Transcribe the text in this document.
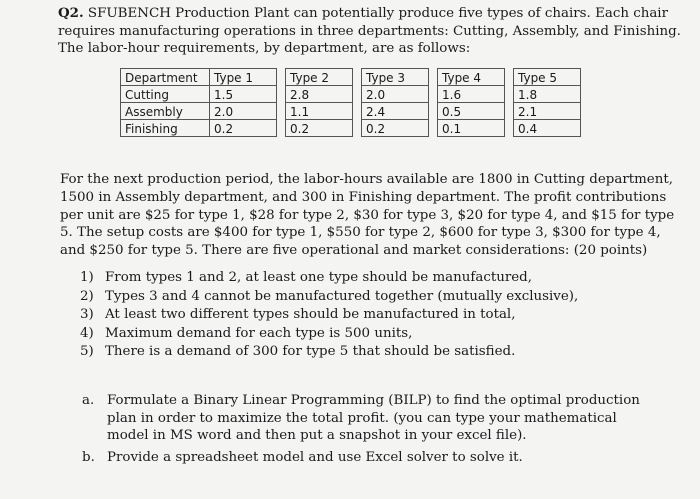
Q2. SFUBENCH Production Plant can potentially produce five types of chairs. Each chair requires manufacturing operations in three departments: Cutting, Assembly, and Finishing. The labor-hour requirements, by department, are as follows:
Department	Type 1		Type 2		Type 3		Type 4		Type 5
Cutting	1.5		2.8		2.0		1.6		1.8
Assembly	2.0		1.1		2.4		0.5		2.1
Finishing	0.2		0.2		0.2		0.1		0.4
For the next production period, the labor-hours available are 1800 in Cutting department, 1500 in Assembly department, and 300 in Finishing department. The profit contributions per unit are $25 for type 1, $28 for type 2, $30 for type 3, $20 for type 4, and $15 for type 5. The setup costs are $400 for type 1, $550 for type 2, $600 for type 3, $300 for type 4, and $250 for type 5. There are five operational and market considerations: (20 points)
1) From types 1 and 2, at least one type should be manufactured,
2) Types 3 and 4 cannot be manufactured together (mutually exclusive),
3) At least two different types should be manufactured in total,
4) Maximum demand for each type is 500 units,
5) There is a demand of 300 for type 5 that should be satisfied.
a. Formulate a Binary Linear Programming (BILP) to find the optimal production plan in order to maximize the total profit. (you can type your mathematical model in MS word and then put a snapshot in your excel file).
b. Provide a spreadsheet model and use Excel solver to solve it.
